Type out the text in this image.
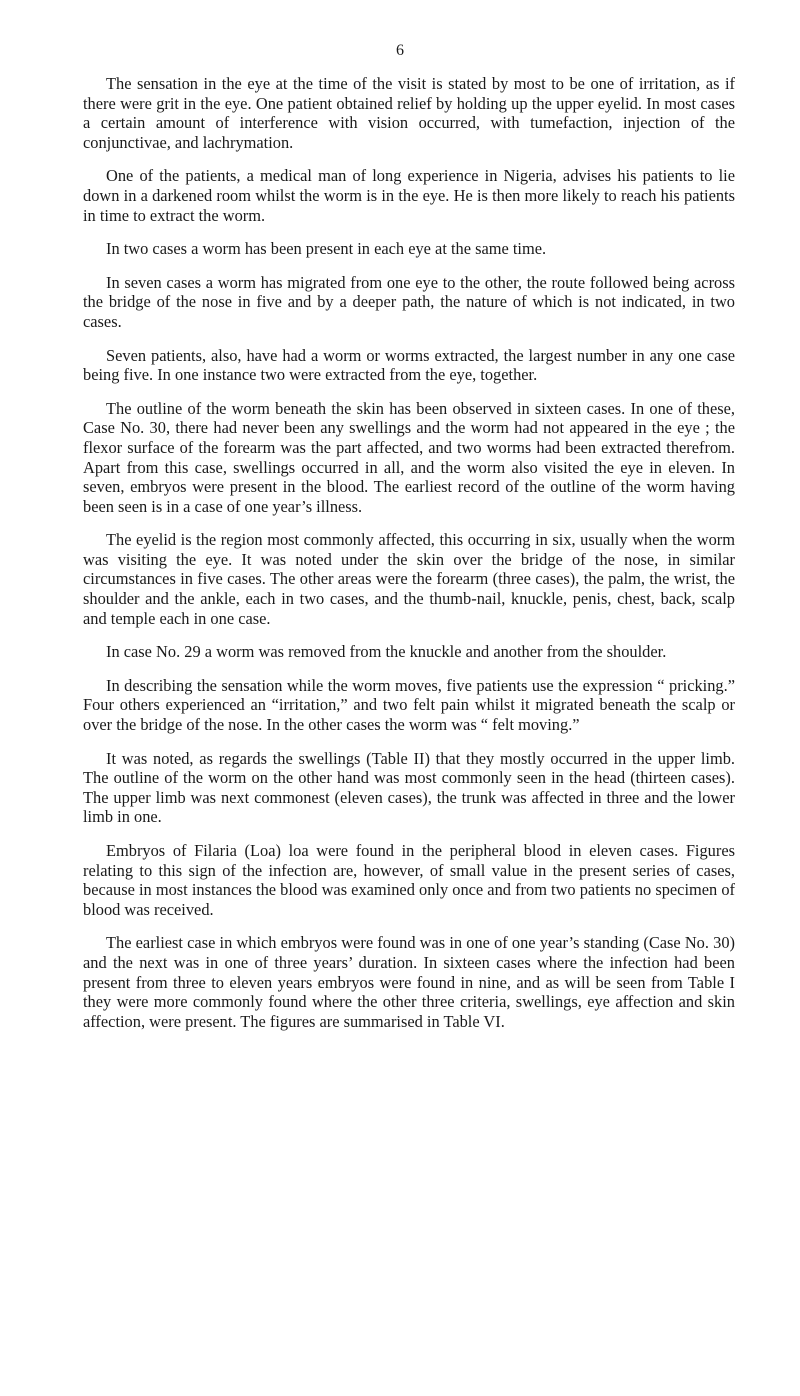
6

The sensation in the eye at the time of the visit is stated by most to be one of irritation, as if there were grit in the eye. One patient obtained relief by holding up the upper eyelid. In most cases a certain amount of interference with vision occurred, with tumefaction, injection of the conjunctivae, and lachrymation.

One of the patients, a medical man of long experience in Nigeria, advises his patients to lie down in a darkened room whilst the worm is in the eye. He is then more likely to reach his patients in time to extract the worm.

In two cases a worm has been present in each eye at the same time.

In seven cases a worm has migrated from one eye to the other, the route followed being across the bridge of the nose in five and by a deeper path, the nature of which is not indicated, in two cases.

Seven patients, also, have had a worm or worms extracted, the largest number in any one case being five. In one instance two were extracted from the eye, together.

The outline of the worm beneath the skin has been observed in sixteen cases. In one of these, Case No. 30, there had never been any swellings and the worm had not appeared in the eye ; the flexor surface of the forearm was the part affected, and two worms had been extracted therefrom. Apart from this case, swellings occurred in all, and the worm also visited the eye in eleven. In seven, embryos were present in the blood. The earliest record of the outline of the worm having been seen is in a case of one year’s illness.

The eyelid is the region most commonly affected, this occurring in six, usually when the worm was visiting the eye. It was noted under the skin over the bridge of the nose, in similar circumstances in five cases. The other areas were the forearm (three cases), the palm, the wrist, the shoulder and the ankle, each in two cases, and the thumb-nail, knuckle, penis, chest, back, scalp and temple each in one case.

In case No. 29 a worm was removed from the knuckle and another from the shoulder.

In describing the sensation while the worm moves, five patients use the expression “ pricking.” Four others experienced an “irritation,” and two felt pain whilst it migrated beneath the scalp or over the bridge of the nose. In the other cases the worm was “ felt moving.”

It was noted, as regards the swellings (Table II) that they mostly occurred in the upper limb. The outline of the worm on the other hand was most commonly seen in the head (thirteen cases). The upper limb was next commonest (eleven cases), the trunk was affected in three and the lower limb in one.

Embryos of Filaria (Loa) loa were found in the peripheral blood in eleven cases. Figures relating to this sign of the infection are, however, of small value in the present series of cases, because in most instances the blood was examined only once and from two patients no specimen of blood was received.

The earliest case in which embryos were found was in one of one year’s standing (Case No. 30) and the next was in one of three years’ duration. In sixteen cases where the infection had been present from three to eleven years embryos were found in nine, and as will be seen from Table I they were more commonly found where the other three criteria, swellings, eye affection and skin affection, were present. The figures are summarised in Table VI.
